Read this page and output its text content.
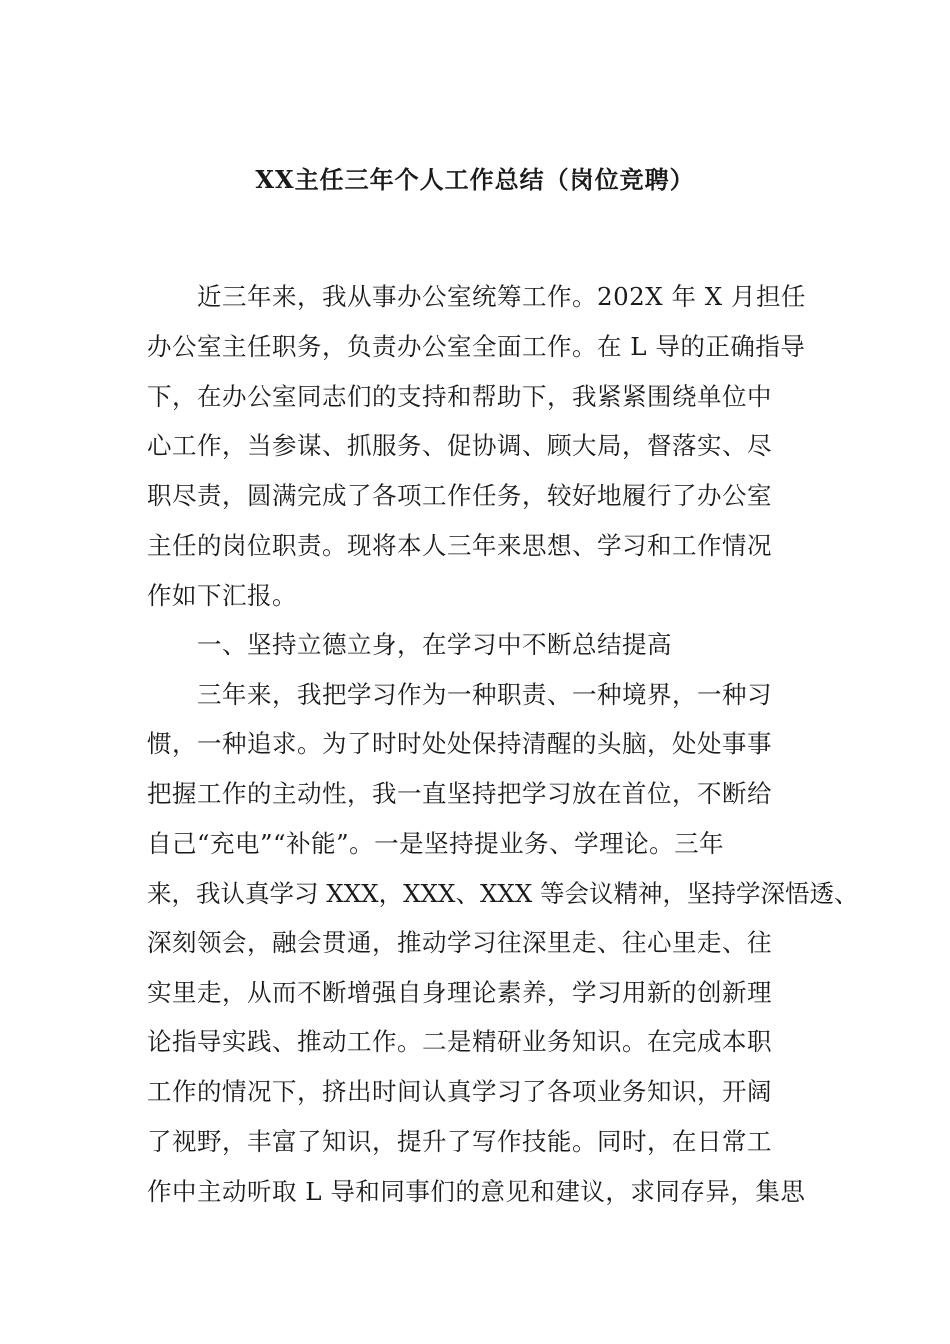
XX主任三年个人工作总结（岗位竞聘）
近三年来，我从事办公室统筹工作。202X 年 X 月担任
办公室主任职务，负责办公室全面工作。在 L 导的正确指导
下，在办公室同志们的支持和帮助下，我紧紧围绕单位中
心工作，当参谋、抓服务、促协调、顾大局，督落实、尽
职尽责，圆满完成了各项工作任务，较好地履行了办公室
主任的岗位职责。现将本人三年来思想、学习和工作情况
作如下汇报。
一、坚持立德立身，在学习中不断总结提高
三年来，我把学习作为一种职责、一种境界，一种习
惯，一种追求。为了时时处处保持清醒的头脑，处处事事
把握工作的主动性，我一直坚持把学习放在首位，不断给
自己“充电”“补能”。一是坚持提业务、学理论。三年
来，我认真学习 XXX，XXX、XXX 等会议精神，坚持学深悟透、
深刻领会，融会贯通，推动学习往深里走、往心里走、往
实里走，从而不断增强自身理论素养，学习用新的创新理
论指导实践、推动工作。二是精研业务知识。在完成本职
工作的情况下，挤出时间认真学习了各项业务知识，开阔
了视野，丰富了知识，提升了写作技能。同时，在日常工
作中主动听取 L 导和同事们的意见和建议，求同存异，集思
